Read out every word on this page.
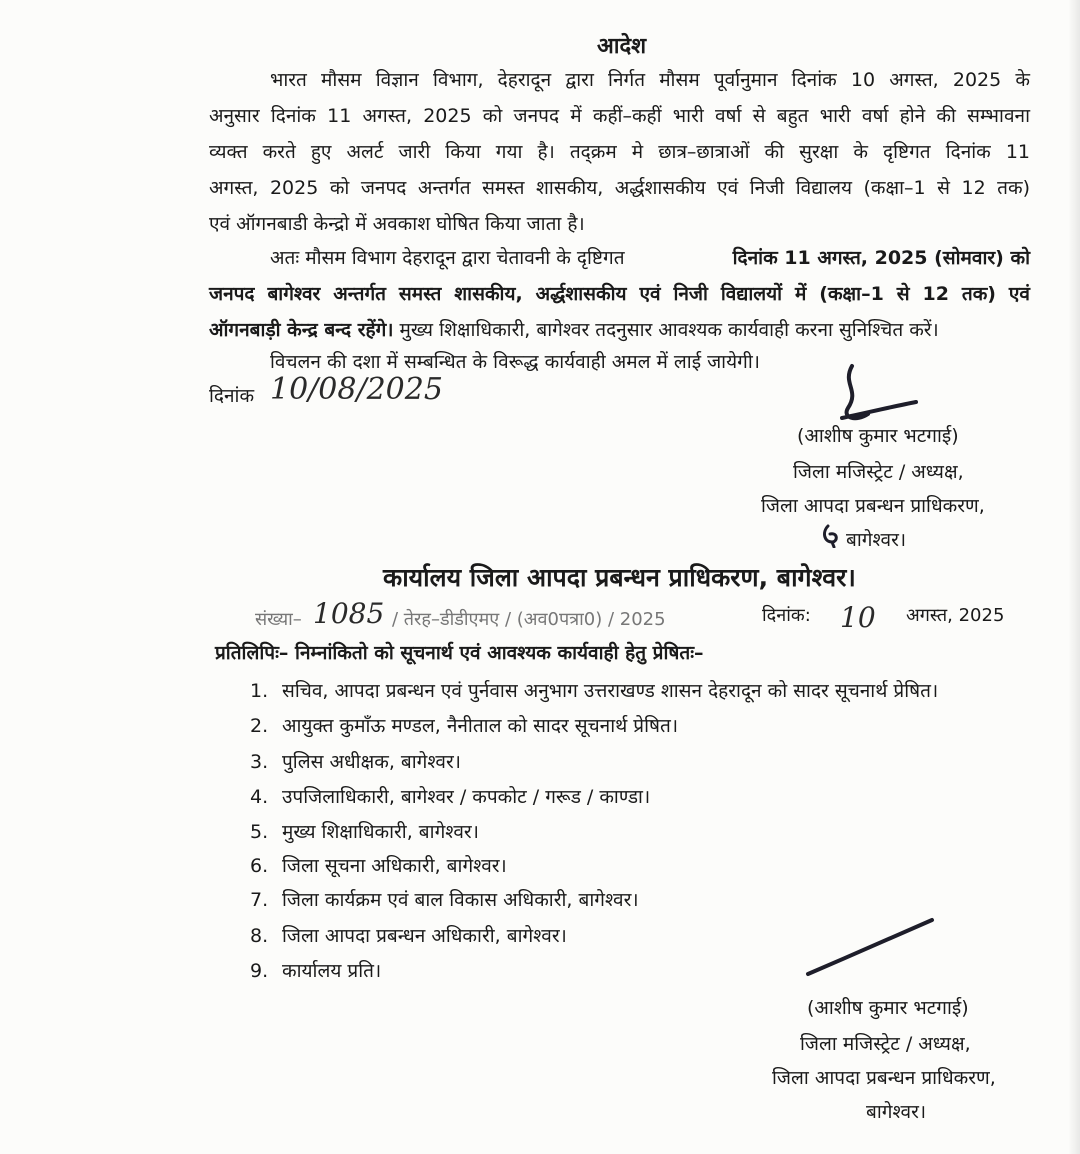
आदेश
भारत मौसम विज्ञान विभाग, देहरादून द्वारा निर्गत मौसम पूर्वानुमान दिनांक 10 अगस्त, 2025 के
अनुसार दिनांक 11 अगस्त, 2025 को जनपद में कहीं–कहीं भारी वर्षा से बहुत भारी वर्षा होने की सम्भावना
व्यक्त करते हुए अलर्ट जारी किया गया है। तद्क्रम मे छात्र–छात्राओं की सुरक्षा के दृष्टिगत दिनांक 11
अगस्त, 2025 को जनपद अन्तर्गत समस्त शासकीय, अर्द्धशासकीय एवं निजी विद्यालय (कक्षा–1 से 12 तक)
एवं ऑगनबाडी केन्द्रो में अवकाश घोषित किया जाता है।
अतः मौसम विभाग देहरादून द्वारा चेतावनी के दृष्टिगत	दिनांक 11 अगस्त, 2025 (सोमवार) को
जनपद बागेश्वर अन्तर्गत समस्त शासकीय, अर्द्धशासकीय एवं निजी विद्यालयों में (कक्षा–1 से 12 तक) एवं
ऑगनबाड़ी केन्द्र बन्द रहेंगे। मुख्य शिक्षाधिकारी, बागेश्वर तदनुसार आवश्यक कार्यवाही करना सुनिश्चित करें।
विचलन की दशा में सम्बन्धित के विरूद्ध कार्यवाही अमल में लाई जायेगी।
दिनांक 10/08/2025
(आशीष कुमार भटगाई)
जिला मजिस्ट्रेट / अध्यक्ष,
जिला आपदा प्रबन्धन प्राधिकरण,
बागेश्वर।
कार्यालय जिला आपदा प्रबन्धन प्राधिकरण, बागेश्वर।
संख्या– 1085 / तेरह–डीडीएमए / (अव0पत्रा0) / 2025	दिनांक: 10 अगस्त, 2025
प्रतिलिपिः– निम्नांकितो को सूचनार्थ एवं आवश्यक कार्यवाही हेतु प्रेषितः–
1. सचिव, आपदा प्रबन्धन एवं पुर्नवास अनुभाग उत्तराखण्ड शासन देहरादून को सादर सूचनार्थ प्रेषित।
2. आयुक्त कुमाँऊ मण्डल, नैनीताल को सादर सूचनार्थ प्रेषित।
3. पुलिस अधीक्षक, बागेश्वर।
4. उपजिलाधिकारी, बागेश्वर / कपकोट / गरूड / काण्डा।
5. मुख्य शिक्षाधिकारी, बागेश्वर।
6. जिला सूचना अधिकारी, बागेश्वर।
7. जिला कार्यक्रम एवं बाल विकास अधिकारी, बागेश्वर।
8. जिला आपदा प्रबन्धन अधिकारी, बागेश्वर।
9. कार्यालय प्रति।
(आशीष कुमार भटगाई)
जिला मजिस्ट्रेट / अध्यक्ष,
जिला आपदा प्रबन्धन प्राधिकरण,
बागेश्वर।
